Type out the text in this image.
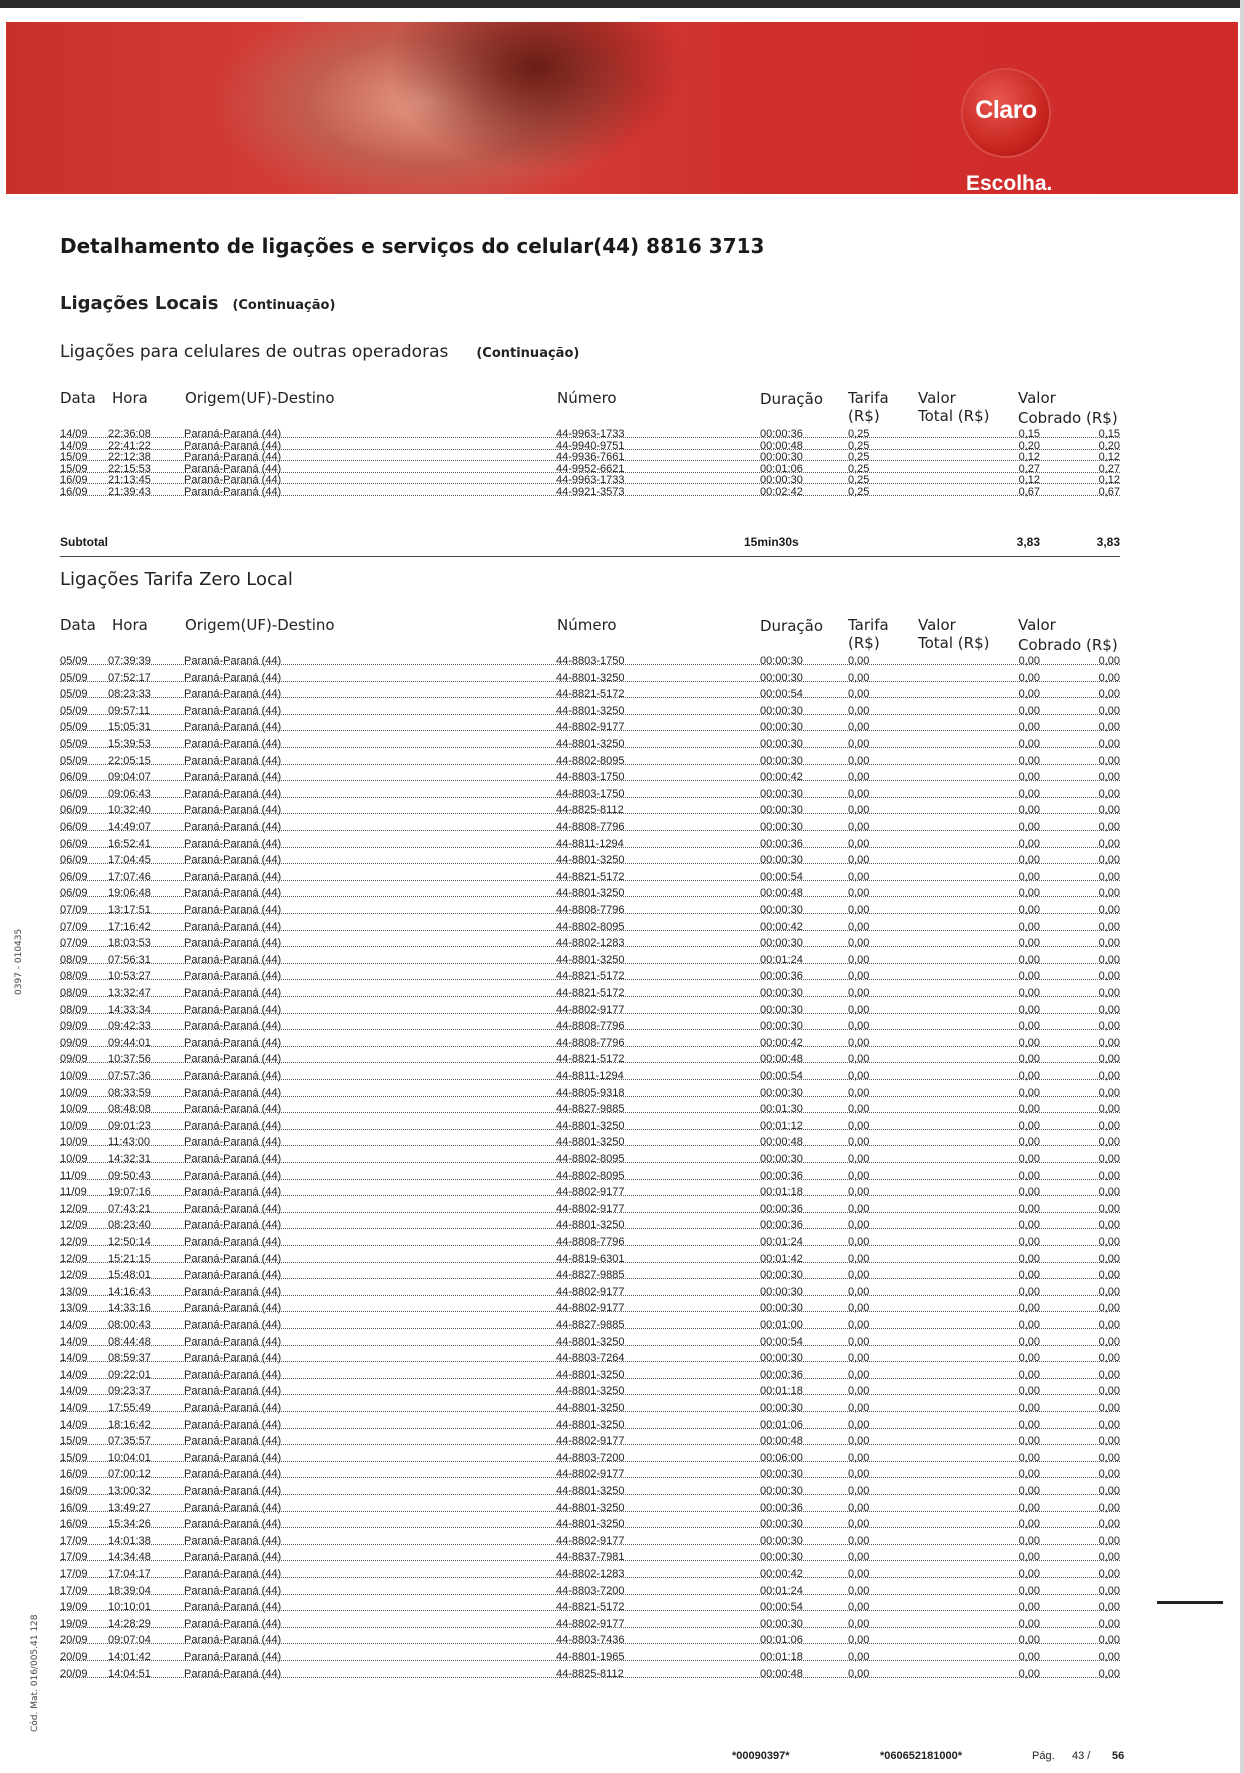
Claro
Escolha.
Detalhamento de ligações e serviços do celular(44) 8816 3713
Ligações Locais (Continuação)
Ligações para celulares de outras operadoras (Continuação)
Data Hora Origem(UF)-Destino	Número	Duração Tarifa
(R$)
Valor
Total (R$)
Valor
Cobrado (R$)
14/09	22:36:08	Paraná-Paraná (44)	44-9963-1733	00:00:36	0,25	0,15	0,15
14/09	22:41:22	Paraná-Paraná (44)	44-9940-9751	00:00:48	0,25	0,20	0,20
15/09	22:12:38	Paraná-Paraná (44)	44-9936-7661	00:00:30	0,25	0,12	0,12
15/09	22:15:53	Paraná-Paraná (44)	44-9952-6621	00:01:06	0,25	0,27	0,27
16/09	21:13:45	Paraná-Paraná (44)	44-9963-1733	00:00:30	0,25	0,12	0,12
16/09	21:39:43	Paraná-Paraná (44)	44-9921-3573	00:02:42	0,25	0,67	0,67
Subtotal	15min30s	3,83	3,83
Ligações Tarifa Zero Local
Data Hora Origem(UF)-Destino	Número	Duração Tarifa
(R$)
Valor
Total (R$)
Valor
Cobrado (R$)
05/09	07:39:39	Paraná-Paraná (44)	44-8803-1750	00:00:30	0,00	0,00	0,00
05/09	07:52:17	Paraná-Paraná (44)	44-8801-3250	00:00:30	0,00	0,00	0,00
05/09	08:23:33	Paraná-Paraná (44)	44-8821-5172	00:00:54	0,00	0,00	0,00
05/09	09:57:11	Paraná-Paraná (44)	44-8801-3250	00:00:30	0,00	0,00	0,00
05/09	15:05:31	Paraná-Paraná (44)	44-8802-9177	00:00:30	0,00	0,00	0,00
05/09	15:39:53	Paraná-Paraná (44)	44-8801-3250	00:00:30	0,00	0,00	0,00
05/09	22:05:15	Paraná-Paraná (44)	44-8802-8095	00:00:30	0,00	0,00	0,00
06/09	09:04:07	Paraná-Paraná (44)	44-8803-1750	00:00:42	0,00	0,00	0,00
06/09	09:06:43	Paraná-Paraná (44)	44-8803-1750	00:00:30	0,00	0,00	0,00
06/09	10:32:40	Paraná-Paraná (44)	44-8825-8112	00:00:30	0,00	0,00	0,00
06/09	14:49:07	Paraná-Paraná (44)	44-8808-7796	00:00:30	0,00	0,00	0,00
06/09	16:52:41	Paraná-Paraná (44)	44-8811-1294	00:00:36	0,00	0,00	0,00
06/09	17:04:45	Paraná-Paraná (44)	44-8801-3250	00:00:30	0,00	0,00	0,00
06/09	17:07:46	Paraná-Paraná (44)	44-8821-5172	00:00:54	0,00	0,00	0,00
06/09	19:06:48	Paraná-Paraná (44)	44-8801-3250	00:00:48	0,00	0,00	0,00
07/09	13:17:51	Paraná-Paraná (44)	44-8808-7796	00:00:30	0,00	0,00	0,00
07/09	17:16:42	Paraná-Paraná (44)	44-8802-8095	00:00:42	0,00	0,00	0,00
07/09	18:03:53	Paraná-Paraná (44)	44-8802-1283	00:00:30	0,00	0,00	0,00
08/09	07:56:31	Paraná-Paraná (44)	44-8801-3250	00:01:24	0,00	0,00	0,00
08/09	10:53:27	Paraná-Paraná (44)	44-8821-5172	00:00:36	0,00	0,00	0,00
08/09	13:32:47	Paraná-Paraná (44)	44-8821-5172	00:00:30	0,00	0,00	0,00
08/09	14:33:34	Paraná-Paraná (44)	44-8802-9177	00:00:30	0,00	0,00	0,00
09/09	09:42:33	Paraná-Paraná (44)	44-8808-7796	00:00:30	0,00	0,00	0,00
09/09	09:44:01	Paraná-Paraná (44)	44-8808-7796	00:00:42	0,00	0,00	0,00
09/09	10:37:56	Paraná-Paraná (44)	44-8821-5172	00:00:48	0,00	0,00	0,00
10/09	07:57:36	Paraná-Paraná (44)	44-8811-1294	00:00:54	0,00	0,00	0,00
10/09	08:33:59	Paraná-Paraná (44)	44-8805-9318	00:00:30	0,00	0,00	0,00
10/09	08:48:08	Paraná-Paraná (44)	44-8827-9885	00:01:30	0,00	0,00	0,00
10/09	09:01:23	Paraná-Paraná (44)	44-8801-3250	00:01:12	0,00	0,00	0,00
10/09	11:43:00	Paraná-Paraná (44)	44-8801-3250	00:00:48	0,00	0,00	0,00
10/09	14:32:31	Paraná-Paraná (44)	44-8802-8095	00:00:30	0,00	0,00	0,00
11/09	09:50:43	Paraná-Paraná (44)	44-8802-8095	00:00:36	0,00	0,00	0,00
11/09	19:07:16	Paraná-Paraná (44)	44-8802-9177	00:01:18	0,00	0,00	0,00
12/09	07:43:21	Paraná-Paraná (44)	44-8802-9177	00:00:36	0,00	0,00	0,00
12/09	08:23:40	Paraná-Paraná (44)	44-8801-3250	00:00:36	0,00	0,00	0,00
12/09	12:50:14	Paraná-Paraná (44)	44-8808-7796	00:01:24	0,00	0,00	0,00
12/09	15:21:15	Paraná-Paraná (44)	44-8819-6301	00:01:42	0,00	0,00	0,00
12/09	15:48:01	Paraná-Paraná (44)	44-8827-9885	00:00:30	0,00	0,00	0,00
13/09	14:16:43	Paraná-Paraná (44)	44-8802-9177	00:00:30	0,00	0,00	0,00
13/09	14:33:16	Paraná-Paraná (44)	44-8802-9177	00:00:30	0,00	0,00	0,00
14/09	08:00:43	Paraná-Paraná (44)	44-8827-9885	00:01:00	0,00	0,00	0,00
14/09	08:44:48	Paraná-Paraná (44)	44-8801-3250	00:00:54	0,00	0,00	0,00
14/09	08:59:37	Paraná-Paraná (44)	44-8803-7264	00:00:30	0,00	0,00	0,00
14/09	09:22:01	Paraná-Paraná (44)	44-8801-3250	00:00:36	0,00	0,00	0,00
14/09	09:23:37	Paraná-Paraná (44)	44-8801-3250	00:01:18	0,00	0,00	0,00
14/09	17:55:49	Paraná-Paraná (44)	44-8801-3250	00:00:30	0,00	0,00	0,00
14/09	18:16:42	Paraná-Paraná (44)	44-8801-3250	00:01:06	0,00	0,00	0,00
15/09	07:35:57	Paraná-Paraná (44)	44-8802-9177	00:00:48	0,00	0,00	0,00
15/09	10:04:01	Paraná-Paraná (44)	44-8803-7200	00:06:00	0,00	0,00	0,00
16/09	07:00:12	Paraná-Paraná (44)	44-8802-9177	00:00:30	0,00	0,00	0,00
16/09	13:00:32	Paraná-Paraná (44)	44-8801-3250	00:00:30	0,00	0,00	0,00
16/09	13:49:27	Paraná-Paraná (44)	44-8801-3250	00:00:36	0,00	0,00	0,00
16/09	15:34:26	Paraná-Paraná (44)	44-8801-3250	00:00:30	0,00	0,00	0,00
17/09	14:01:38	Paraná-Paraná (44)	44-8802-9177	00:00:30	0,00	0,00	0,00
17/09	14:34:48	Paraná-Paraná (44)	44-8837-7981	00:00:30	0,00	0,00	0,00
17/09	17:04:17	Paraná-Paraná (44)	44-8802-1283	00:00:42	0,00	0,00	0,00
17/09	18:39:04	Paraná-Paraná (44)	44-8803-7200	00:01:24	0,00	0,00	0,00
19/09	10:10:01	Paraná-Paraná (44)	44-8821-5172	00:00:54	0,00	0,00	0,00
19/09	14:28:29	Paraná-Paraná (44)	44-8802-9177	00:00:30	0,00	0,00	0,00
20/09	09:07:04	Paraná-Paraná (44)	44-8803-7436	00:01:06	0,00	0,00	0,00
20/09	14:01:42	Paraná-Paraná (44)	44-8801-1965	00:01:18	0,00	0,00	0,00
20/09	14:04:51	Paraná-Paraná (44)	44-8825-8112	00:00:48	0,00	0,00	0,00
0397 - 010435
Cód. Mat. 016/005.41 128
*00090397*	*060652181000*	Pág. 43 / 56
